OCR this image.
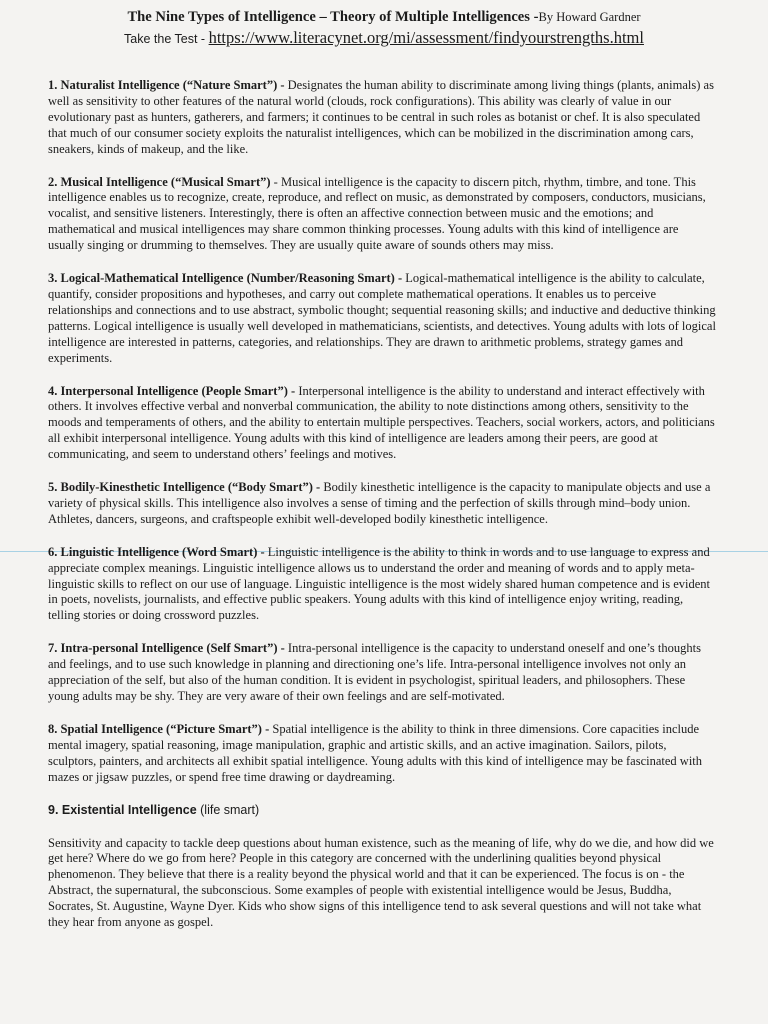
The Nine Types of Intelligence – Theory of Multiple Intelligences -By Howard Gardner
Take the Test - https://www.literacynet.org/mi/assessment/findyourstrengths.html

1. Naturalist Intelligence (“Nature Smart”) - Designates the human ability to discriminate among living things (plants, animals) as well as sensitivity to other features of the natural world (clouds, rock configurations). This ability was clearly of value in our evolutionary past as hunters, gatherers, and farmers; it continues to be central in such roles as botanist or chef. It is also speculated that much of our consumer society exploits the naturalist intelligences, which can be mobilized in the discrimination among cars, sneakers, kinds of makeup, and the like.

2. Musical Intelligence (“Musical Smart”) - Musical intelligence is the capacity to discern pitch, rhythm, timbre, and tone. This intelligence enables us to recognize, create, reproduce, and reflect on music, as demonstrated by composers, conductors, musicians, vocalist, and sensitive listeners. Interestingly, there is often an affective connection between music and the emotions; and mathematical and musical intelligences may share common thinking processes. Young adults with this kind of intelligence are usually singing or drumming to themselves. They are usually quite aware of sounds others may miss.

3. Logical-Mathematical Intelligence (Number/Reasoning Smart) - Logical-mathematical intelligence is the ability to calculate, quantify, consider propositions and hypotheses, and carry out complete mathematical operations. It enables us to perceive relationships and connections and to use abstract, symbolic thought; sequential reasoning skills; and inductive and deductive thinking patterns. Logical intelligence is usually well developed in mathematicians, scientists, and detectives. Young adults with lots of logical intelligence are interested in patterns, categories, and relationships. They are drawn to arithmetic problems, strategy games and experiments.

4. Interpersonal Intelligence (People Smart”) - Interpersonal intelligence is the ability to understand and interact effectively with others. It involves effective verbal and nonverbal communication, the ability to note distinctions among others, sensitivity to the moods and temperaments of others, and the ability to entertain multiple perspectives. Teachers, social workers, actors, and politicians all exhibit interpersonal intelligence. Young adults with this kind of intelligence are leaders among their peers, are good at communicating, and seem to understand others’ feelings and motives.

5. Bodily-Kinesthetic Intelligence (“Body Smart”) - Bodily kinesthetic intelligence is the capacity to manipulate objects and use a variety of physical skills. This intelligence also involves a sense of timing and the perfection of skills through mind–body union. Athletes, dancers, surgeons, and craftspeople exhibit well-developed bodily kinesthetic intelligence.

6. Linguistic Intelligence (Word Smart) - Linguistic intelligence is the ability to think in words and to use language to express and appreciate complex meanings. Linguistic intelligence allows us to understand the order and meaning of words and to apply meta-linguistic skills to reflect on our use of language. Linguistic intelligence is the most widely shared human competence and is evident in poets, novelists, journalists, and effective public speakers. Young adults with this kind of intelligence enjoy writing, reading, telling stories or doing crossword puzzles.

7. Intra-personal Intelligence (Self Smart”) - Intra-personal intelligence is the capacity to understand oneself and one’s thoughts and feelings, and to use such knowledge in planning and directioning one’s life. Intra-personal intelligence involves not only an appreciation of the self, but also of the human condition. It is evident in psychologist, spiritual leaders, and philosophers. These young adults may be shy. They are very aware of their own feelings and are self-motivated.

8. Spatial Intelligence (“Picture Smart”) - Spatial intelligence is the ability to think in three dimensions. Core capacities include mental imagery, spatial reasoning, image manipulation, graphic and artistic skills, and an active imagination. Sailors, pilots, sculptors, painters, and architects all exhibit spatial intelligence. Young adults with this kind of intelligence may be fascinated with mazes or jigsaw puzzles, or spend free time drawing or daydreaming.

9. Existential Intelligence (life smart)

Sensitivity and capacity to tackle deep questions about human existence, such as the meaning of life, why do we die, and how did we get here? Where do we go from here? People in this category are concerned with the underlining qualities beyond physical phenomenon. They believe that there is a reality beyond the physical world and that it can be experienced. The focus is on - the Abstract, the supernatural, the subconscious. Some examples of people with existential intelligence would be Jesus, Buddha, Socrates, St. Augustine, Wayne Dyer. Kids who show signs of this intelligence tend to ask several questions and will not take what they hear from anyone as gospel.
